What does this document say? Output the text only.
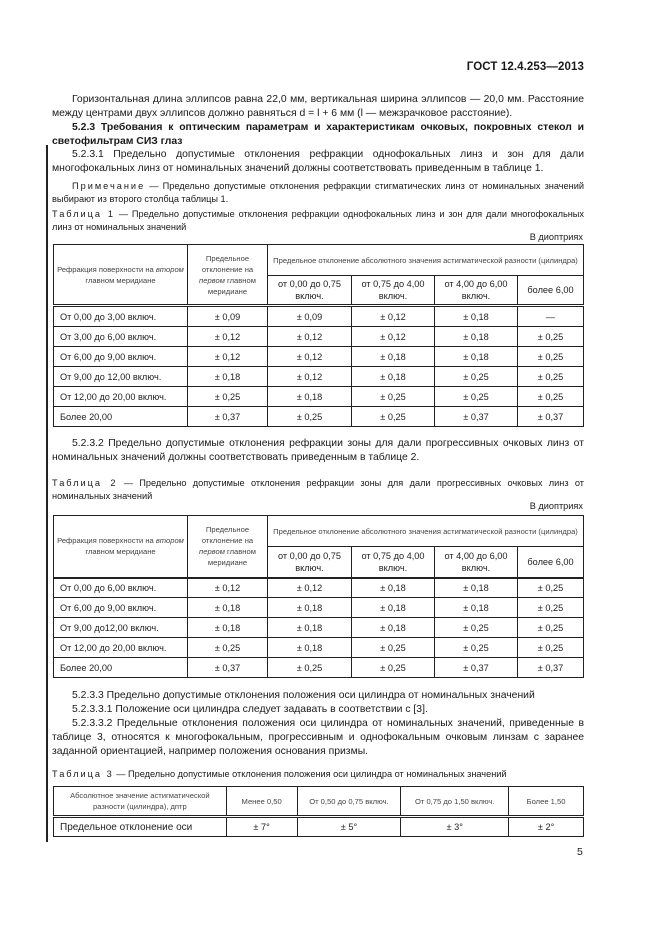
ГОСТ 12.4.253—2013
Горизонтальная длина эллипсов равна 22,0 мм, вертикальная ширина эллипсов — 20,0 мм. Расстояние между центрами двух эллипсов должно равняться d = l + 6 мм (l — межзрачковое расстояние).
5.2.3 Требования к оптическим параметрам и характеристикам очковых, покровных стекол и светофильтрам СИЗ глаз
5.2.3.1 Предельно допустимые отклонения рефракции однофокальных линз и зон для дали многофокальных линз от номинальных значений должны соответствовать приведенным в таблице 1.
Примечание — Предельно допустимые отклонения рефракции стигматических линз от номинальных значений выбирают из второго столбца таблицы 1.
Таблица 1 — Предельно допустимые отклонения рефракции однофокальных линз и зон для дали многофокальных линз от номинальных значений
В диоптриях
Рефракция поверхности на втором главном меридиане	Предельное отклонение на первом главном меридиане	Предельное отклонение абсолютного значения астигматической разности (цилиндра)			
		от 0,00 до 0,75 включ.	от 0,75 до 4,00 включ.	от 4,00 до 6,00 включ.	более 6,00
От 0,00 до 3,00 включ.	± 0,09	± 0,09	± 0,12	± 0,18	—
От 3,00 до 6,00 включ.	± 0,12	± 0,12	± 0,12	± 0,18	± 0,25
От 6,00 до 9,00 включ.	± 0,12	± 0,12	± 0,18	± 0,18	± 0,25
От 9,00 до 12,00 включ.	± 0,18	± 0,12	± 0,18	± 0,25	± 0,25
От 12,00 до 20,00 включ.	± 0,25	± 0,18	± 0,25	± 0,25	± 0,25
Более 20,00	± 0,37	± 0,25	± 0,25	± 0,37	± 0,37
5.2.3.2 Предельно допустимые отклонения рефракции зоны для дали прогрессивных очковых линз от номинальных значений должны соответствовать приведенным в таблице 2.
Таблица 2 — Предельно допустимые отклонения рефракции зоны для дали прогрессивных очковых линз от номинальных значений
В диоптриях
Рефракция поверхности на втором главном меридиане	Предельное отклонение на первом главном меридиане	Предельное отклонение абсолютного значения астигматической разности (цилиндра)			
		от 0,00 до 0,75 включ.	от 0,75 до 4,00 включ.	от 4,00 до 6,00 включ.	более 6,00
От 0,00 до 6,00 включ.	± 0,12	± 0,12	± 0,18	± 0,18	± 0,25
От 6,00 до 9,00 включ.	± 0,18	± 0,18	± 0,18	± 0,18	± 0,25
От 9,00 до12,00 включ.	± 0,18	± 0,18	± 0,18	± 0,25	± 0,25
От 12,00 до 20,00 включ.	± 0,25	± 0,18	± 0,25	± 0,25	± 0,25
Более 20,00	± 0,37	± 0,25	± 0,25	± 0,37	± 0,37
5.2.3.3 Предельно допустимые отклонения положения оси цилиндра от номинальных значений
5.2.3.3.1 Положение оси цилиндра следует задавать в соответствии с [3].
5.2.3.3.2 Предельные отклонения положения оси цилиндра от номинальных значений, приведенные в таблице 3, относятся к многофокальным, прогрессивным и однофокальным очковым линзам с заранее заданной ориентацией, например положения основания призмы.
Таблица 3 — Предельно допустимые отклонения положения оси цилиндра от номинальных значений
Абсолютное значение астигматической разности (цилиндра), дптр	Менее 0,50	От 0,50 до 0,75 включ.	От 0,75 до 1,50 включ.	Более 1,50
Предельное отклонение оси	± 7°	± 5°	± 3°	± 2°
5
